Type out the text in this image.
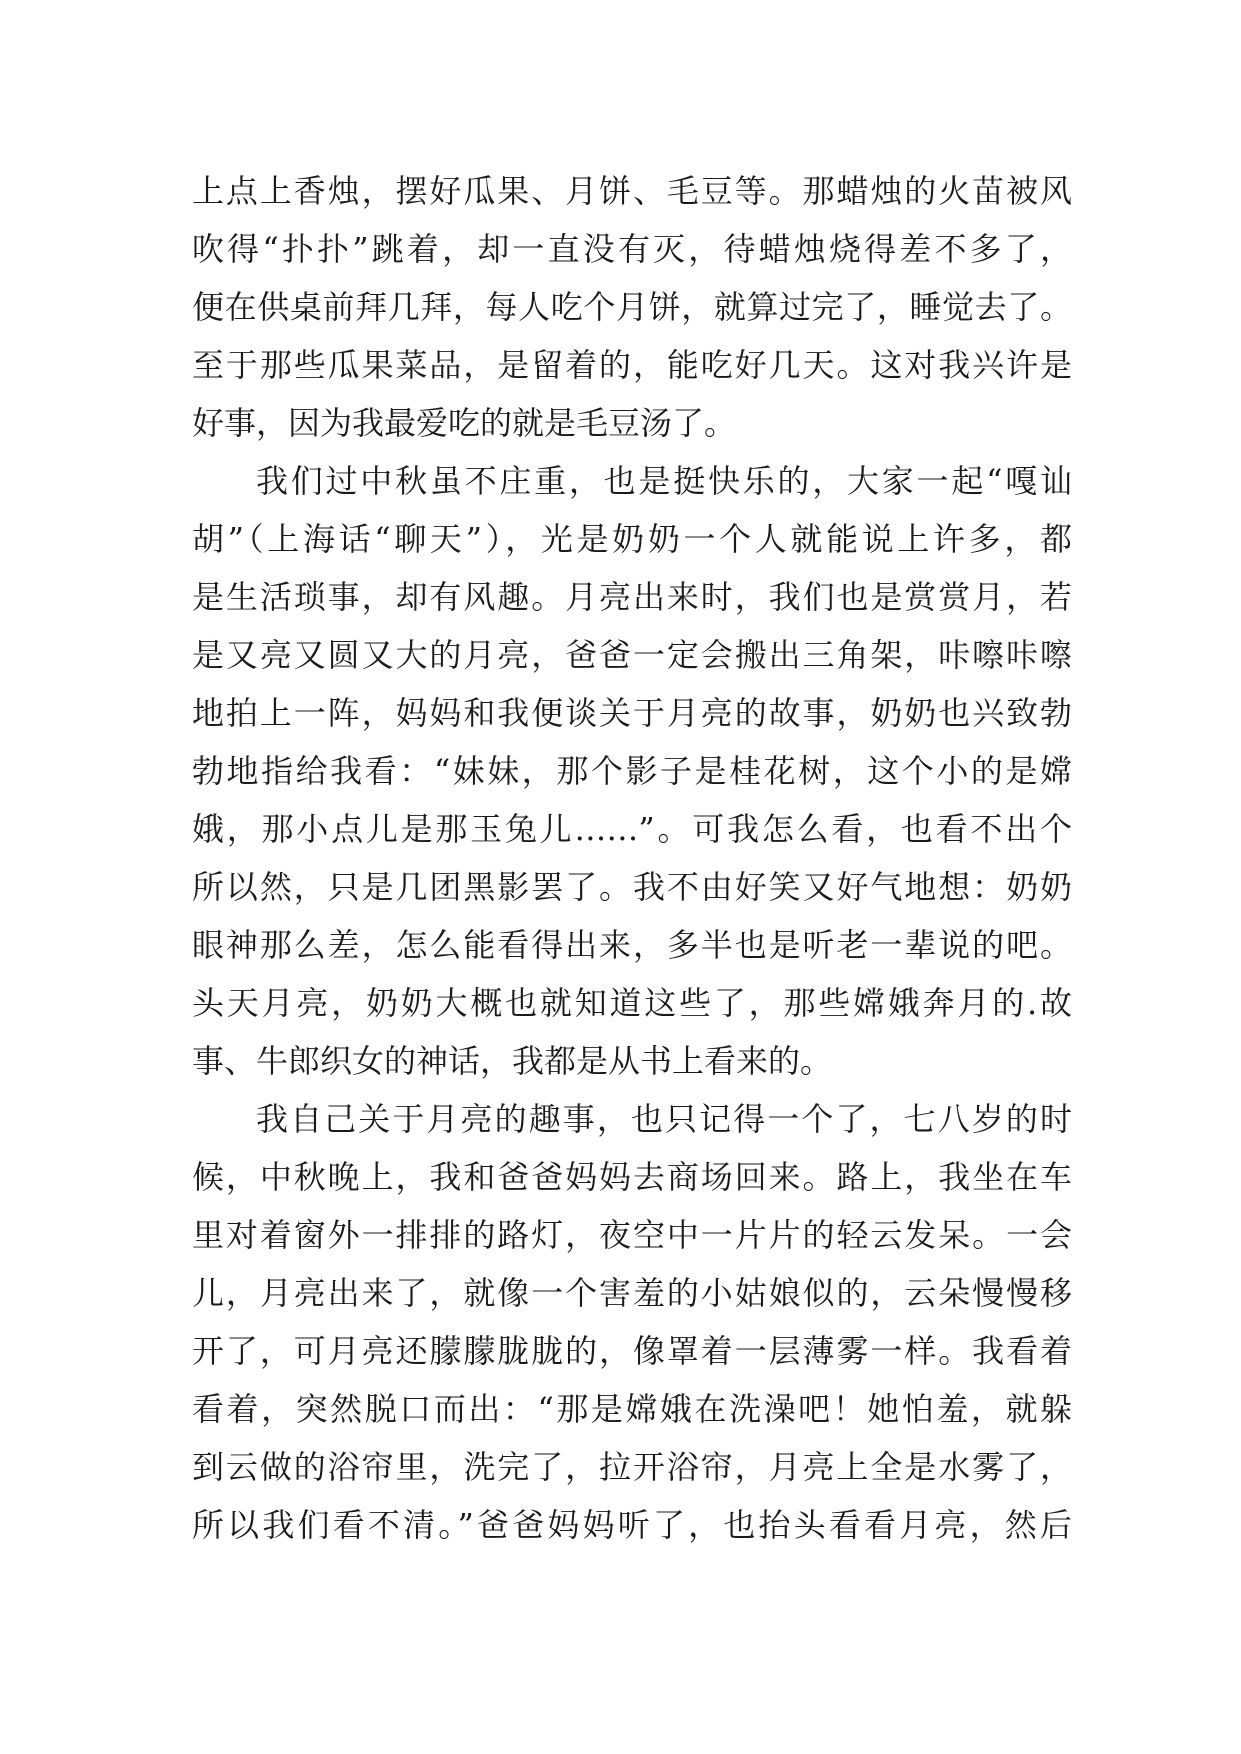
上点上香烛，摆好瓜果、月饼、毛豆等。那蜡烛的火苗被风
吹得“扑扑”跳着，却一直没有灭，待蜡烛烧得差不多了，
便在供桌前拜几拜，每人吃个月饼，就算过完了，睡觉去了。
至于那些瓜果菜品，是留着的，能吃好几天。这对我兴许是
好事，因为我最爱吃的就是毛豆汤了。
我们过中秋虽不庄重，也是挺快乐的，大家一起“嘎讪
胡”（上海话“聊天”），光是奶奶一个人就能说上许多，都
是生活琐事，却有风趣。月亮出来时，我们也是赏赏月，若
是又亮又圆又大的月亮，爸爸一定会搬出三角架，咔嚓咔嚓
地拍上一阵，妈妈和我便谈关于月亮的故事，奶奶也兴致勃
勃地指给我看：“妹妹，那个影子是桂花树，这个小的是嫦
娥，那小点儿是那玉兔儿……”。可我怎么看，也看不出个
所以然，只是几团黑影罢了。我不由好笑又好气地想：奶奶
眼神那么差，怎么能看得出来，多半也是听老一辈说的吧。
头天月亮，奶奶大概也就知道这些了，那些嫦娥奔月的.故
事、牛郎织女的神话，我都是从书上看来的。
我自己关于月亮的趣事，也只记得一个了，七八岁的时
候，中秋晚上，我和爸爸妈妈去商场回来。路上，我坐在车
里对着窗外一排排的路灯，夜空中一片片的轻云发呆。一会
儿，月亮出来了，就像一个害羞的小姑娘似的，云朵慢慢移
开了，可月亮还朦朦胧胧的，像罩着一层薄雾一样。我看着
看着，突然脱口而出：“那是嫦娥在洗澡吧！她怕羞，就躲
到云做的浴帘里，洗完了，拉开浴帘，月亮上全是水雾了，
所以我们看不清。”爸爸妈妈听了，也抬头看看月亮，然后
